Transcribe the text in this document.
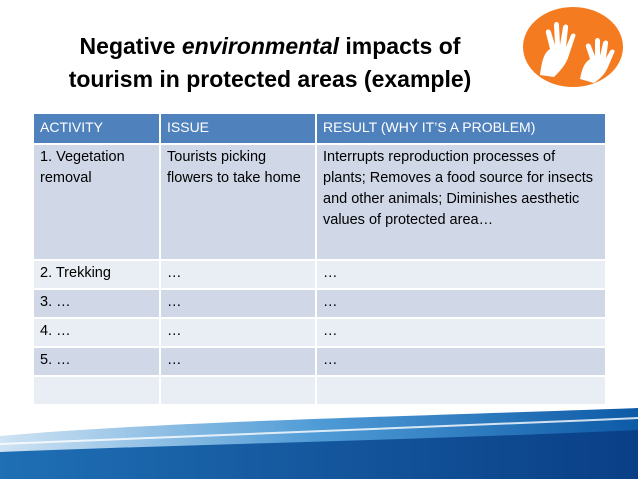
Negative environmental impacts of
tourism in protected areas (example)
ACTIVITY	ISSUE	RESULT (WHY IT’S A PROBLEM)
1. Vegetation removal	Tourists picking flowers to take home	Interrupts reproduction processes of plants; Removes a food source for insects and other animals; Diminishes aesthetic values of protected area…
2. Trekking	…	…
3. …	…	…
4. …	…	…
5. …	…	…
